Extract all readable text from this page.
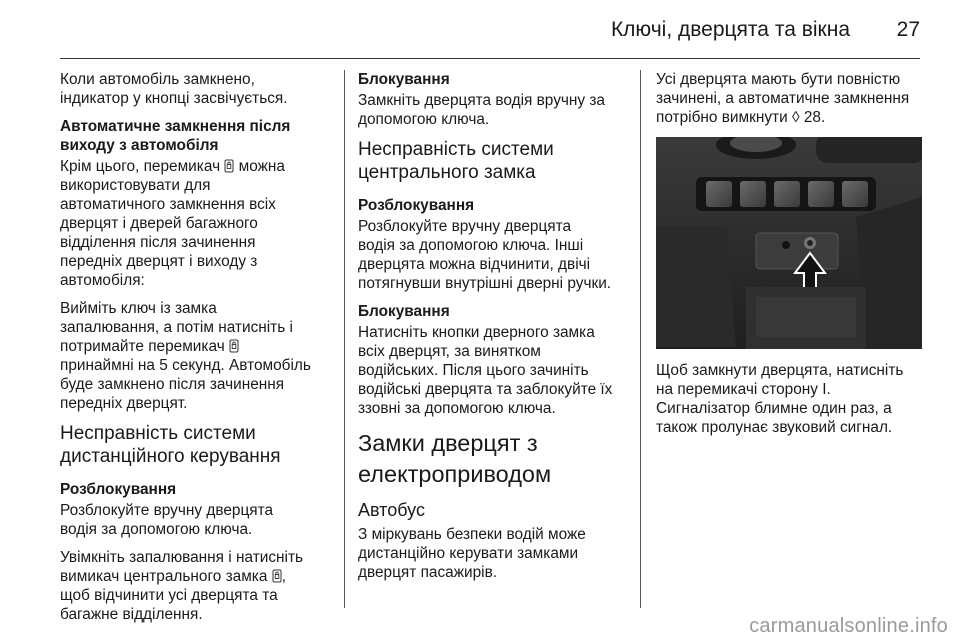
Ключі, дверцята та вікна 27

Коли автомобіль замкнено,
індикатор у кнопці засвічується.

Автоматичне замкнення після
виходу з автомобіля

Крім цього, перемикач  можна
використовувати для
автоматичного замкнення всіх
дверцят і дверей багажного
відділення після зачинення
передніх дверцят і виходу з
автомобіля:

Вийміть ключ із замка
запалювання, а потім натисніть і
потримайте перемикач
принаймні на 5 секунд. Автомобіль
буде замкнено після зачинення
передніх дверцят.

Несправність системи
дистанційного керування
Розблокування

Розблокуйте вручну дверцята
водія за допомогою ключа.

Увімкніть запалювання і натисніть
вимикач центрального замка ,
щоб відчинити усі дверцята та
багажне відділення.

Блокування

Замкніть дверцята водія вручну за
допомогою ключа.

Несправність системи
центрального замка
Розблокування

Розблокуйте вручну дверцята
водія за допомогою ключа. Інші
дверцята можна відчинити, двічі
потягнувши внутрішні дверні ручки.

Блокування

Натисніть кнопки дверного замка
всіх дверцят, за винятком
водійських. Після цього зачиніть
водійські дверцята та заблокуйте їх
ззовні за допомогою ключа.

Замки дверцят з
електроприводом
Автобус

З міркувань безпеки водій може
дистанційно керувати замками
дверцят пасажирів.

Усі дверцята мають бути повністю
зачинені, а автоматичне замкнення
потрібно вимкнути ◊ 28.

Щоб замкнути дверцята, натисніть
на перемикачі сторону I.
Сигналізатор блимне один раз, а
також пролунає звуковий сигнал.

carmanualsonline.info
